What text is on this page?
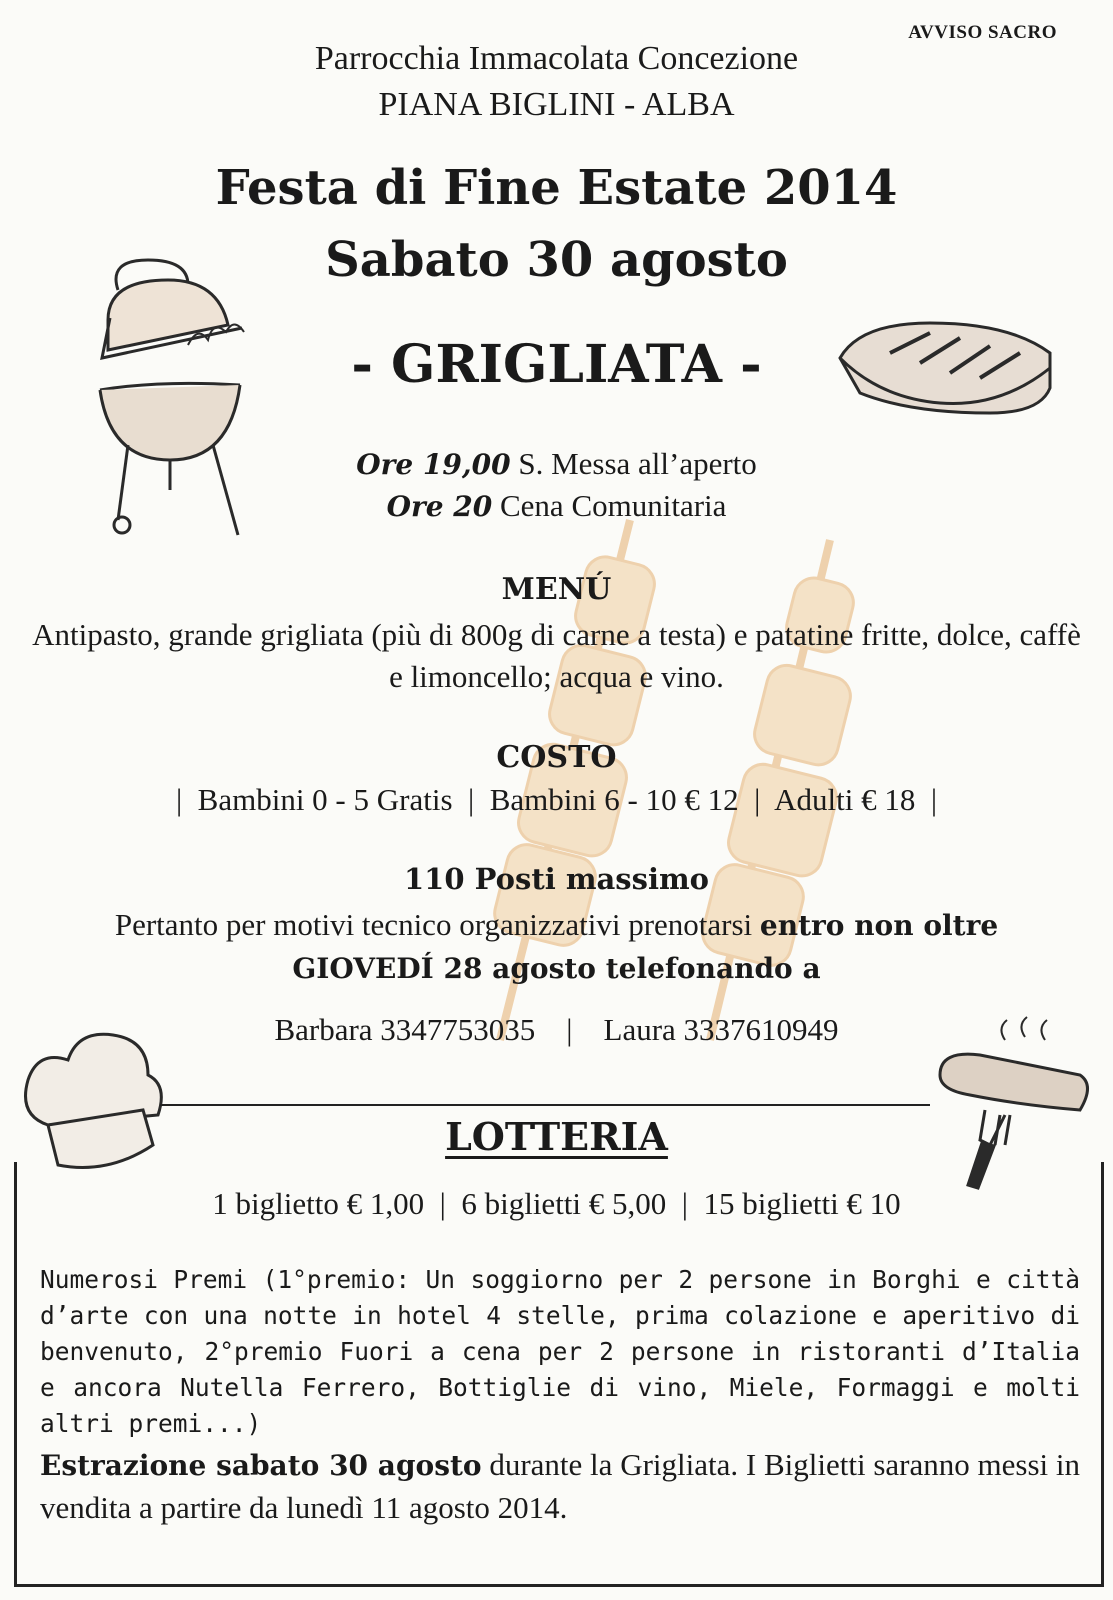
AVVISO SACRO
Parrocchia Immacolata Concezione
PIANA BIGLINI - ALBA
Festa di Fine Estate 2014
Sabato 30 agosto
- GRIGLIATA -
Ore 19,00 S. Messa all’aperto
Ore 20 Cena Comunitaria
MENÚ
Antipasto, grande grigliata (più di 800g di carne a testa) e patatine fritte, dolce, caffè e limoncello; acqua e vino.
COSTO
|  Bambini 0 - 5 Gratis  |  Bambini 6 - 10 € 12  |  Adulti € 18  |
110 Posti massimo
Pertanto per motivi tecnico organizzativi prenotarsi entro non oltre GIOVEDÍ 28 agosto telefonando a
Barbara 3347753035    |    Laura 3337610949
LOTTERIA
1 biglietto € 1,00  |  6 biglietti € 5,00  |  15 biglietti € 10
Numerosi Premi (1°premio: Un soggiorno per 2 persone in Borghi e città d’arte con una notte in hotel 4 stelle, prima colazione e aperitivo di benvenuto, 2°premio Fuori a cena per 2 persone in ristoranti d’Italia e ancora Nutella Ferrero, Bottiglie di vino, Miele, Formaggi e molti altri premi...)
Estrazione sabato 30 agosto durante la Grigliata. I Biglietti saranno messi in vendita a partire da lunedì 11 agosto 2014.
